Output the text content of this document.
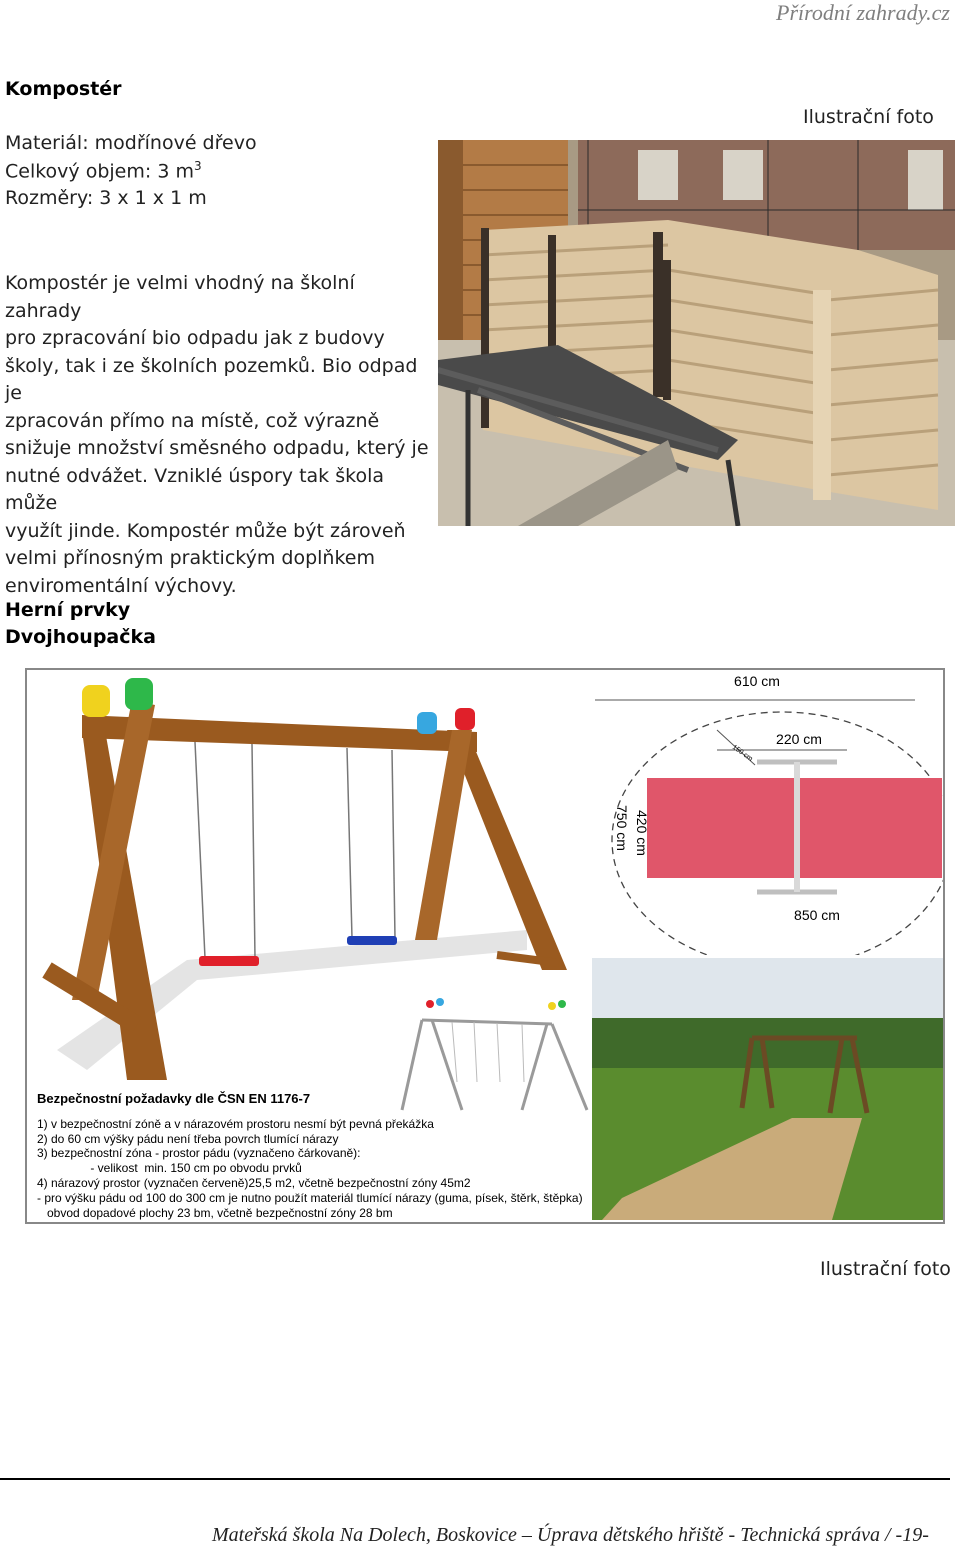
Přírodní zahrady.cz
Kompostér
Materiál: modřínové dřevo
Celkový objem: 3 $m^3$
Rozměry: 3 x 1 x 1 m
Kompostér je velmi vhodný na školní zahrady
pro zpracování bio odpadu jak z budovy
školy, tak i ze školních pozemků. Bio odpad je
zpracován přímo na místě, což výrazně
snižuje množství směsného odpadu, který je
nutné odvážet. Vzniklé úspory tak škola může
využít jinde. Kompostér může být zároveň
velmi přínosným praktickým doplňkem
enviromentální výchovy.
Ilustrační foto
Herní prvky
Dvojhoupačka
610 cm
220 cm
150 cm
850 cm
750 cm 420 cm
Bezpečnostní požadavky dle ČSN EN 1176-7
1) v bezpečnostní zóně a v nárazovém prostoru nesmí být pevná překážka
2) do 60 cm výšky pádu není třeba povrch tlumící nárazy
3) bezpečnostní zóna - prostor pádu (vyznačeno čárkovaně):
- velikost  min. 150 cm po obvodu prvků
4) nárazový prostor (vyznačen červeně)25,5 m2, včetně bezpečnostní zóny 45m2
- pro výšku pádu od 100 do 300 cm je nutno použít materiál tlumící nárazy (guma, písek, štěrk, štěpka)
obvod dopadové plochy 23 bm, včetně bezpečnostní zóny 28 bm
Ilustrační foto
Mateřská škola Na Dolech, Boskovice – Úprava dětského hřiště - Technická správa / -19-
